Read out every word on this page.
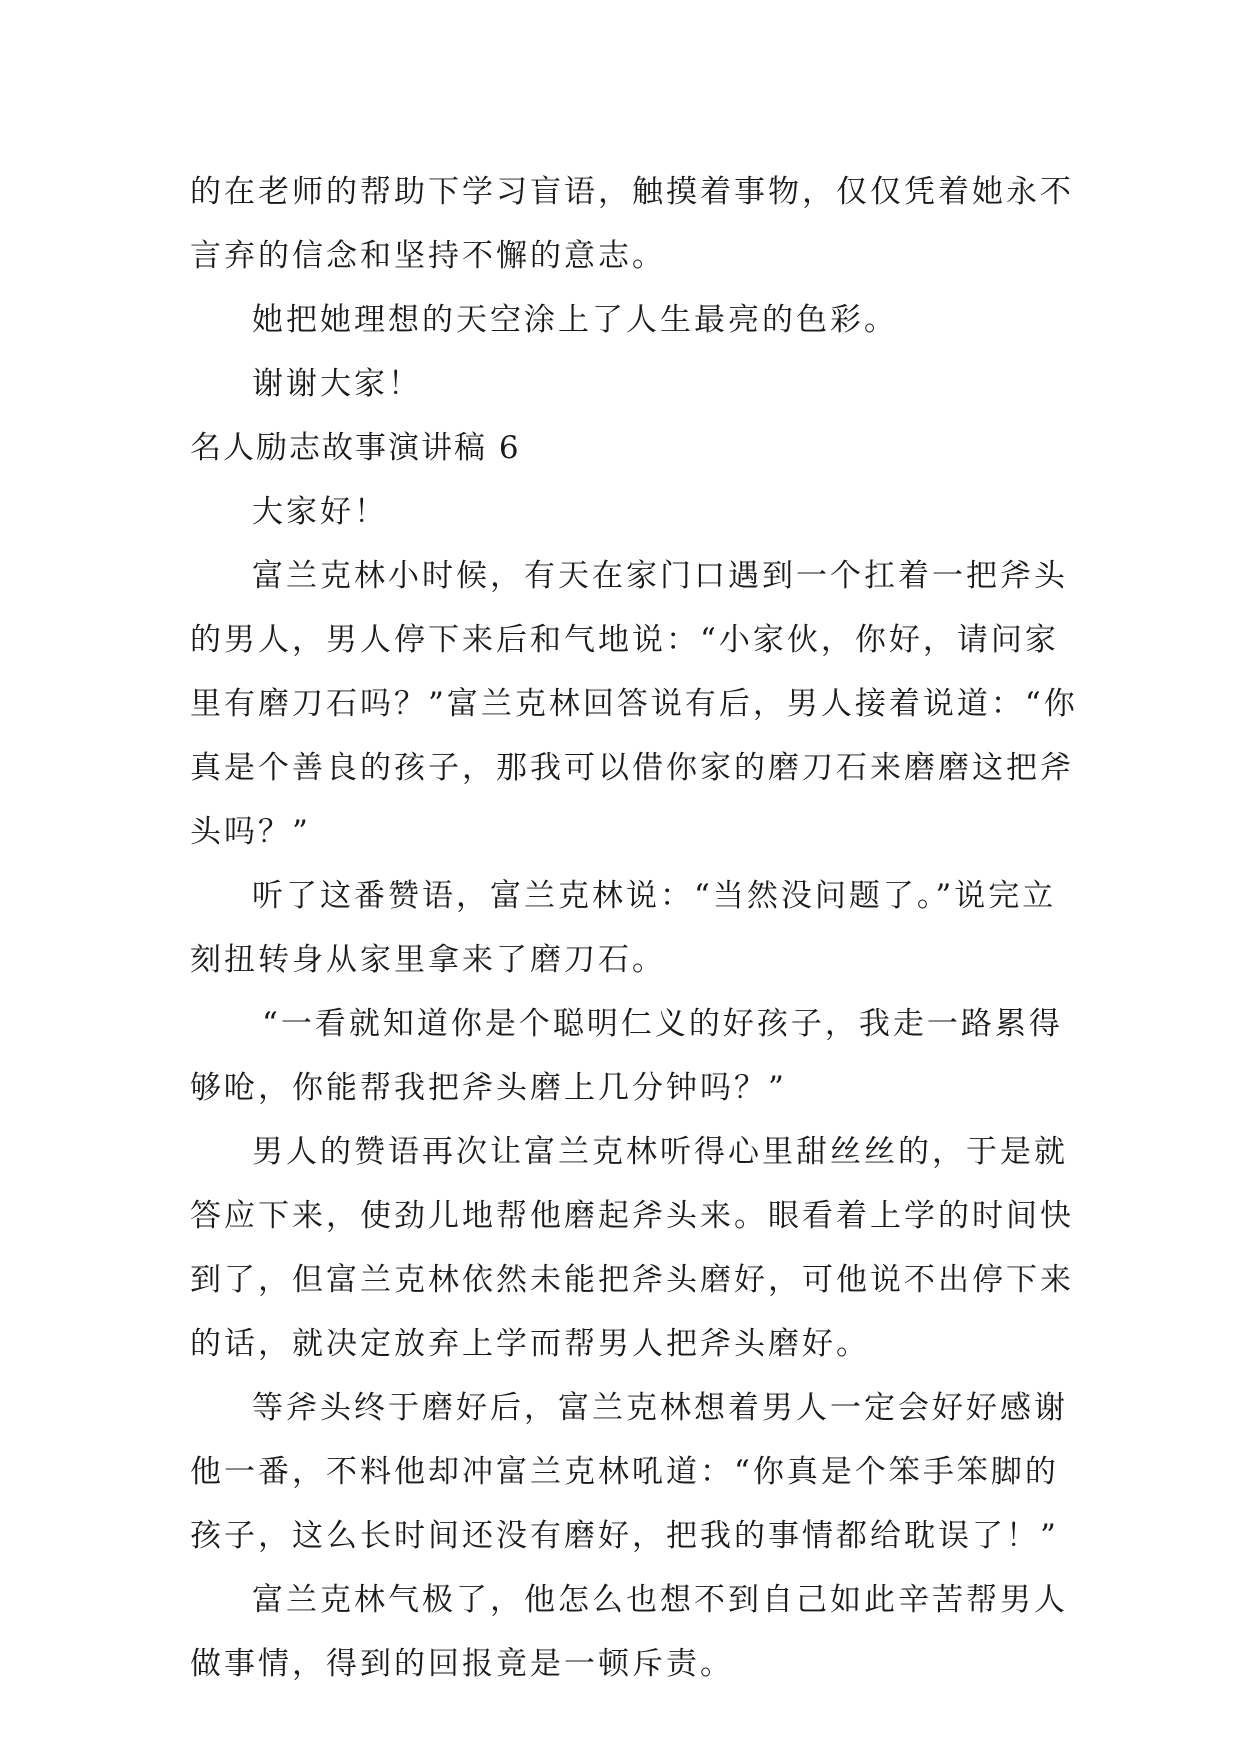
的在老师的帮助下学习盲语，触摸着事物，仅仅凭着她永不
言弃的信念和坚持不懈的意志。
她把她理想的天空涂上了人生最亮的色彩。
谢谢大家！
名人励志故事演讲稿 6
大家好！
富兰克林小时候，有天在家门口遇到一个扛着一把斧头
的男人，男人停下来后和气地说：“小家伙，你好，请问家
里有磨刀石吗？”富兰克林回答说有后，男人接着说道：“你
真是个善良的孩子，那我可以借你家的磨刀石来磨磨这把斧
头吗？”
听了这番赞语，富兰克林说：“当然没问题了。”说完立
刻扭转身从家里拿来了磨刀石。
“一看就知道你是个聪明仁义的好孩子，我走一路累得
够呛，你能帮我把斧头磨上几分钟吗？”
男人的赞语再次让富兰克林听得心里甜丝丝的，于是就
答应下来，使劲儿地帮他磨起斧头来。眼看着上学的时间快
到了，但富兰克林依然未能把斧头磨好，可他说不出停下来
的话，就决定放弃上学而帮男人把斧头磨好。
等斧头终于磨好后，富兰克林想着男人一定会好好感谢
他一番，不料他却冲富兰克林吼道：“你真是个笨手笨脚的
孩子，这么长时间还没有磨好，把我的事情都给耽误了！”
富兰克林气极了，他怎么也想不到自己如此辛苦帮男人
做事情，得到的回报竟是一顿斥责。
